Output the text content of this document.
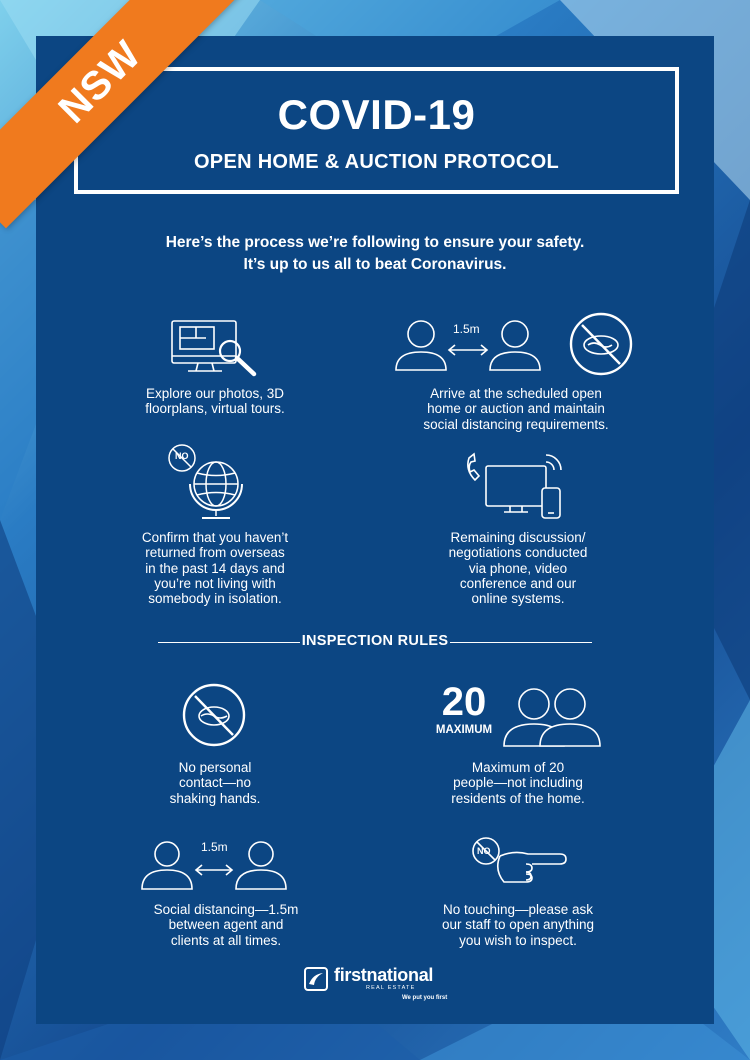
NSW	COVID-19
OPEN HOME & AUCTION PROTOCOL
Here’s the process we’re following to ensure your safety.
It’s up to us all to beat Coronavirus.
Explore our photos, 3D
floorplans, virtual tours.
1.5m
Arrive at the scheduled open
home or auction and maintain
social distancing requirements.
NO
Confirm that you haven’t
returned from overseas
in the past 14 days and
you’re not living with
somebody in isolation.
Remaining discussion/
negotiations conducted
via phone, video
conference and our
online systems.
INSPECTION RULES
No personal
contact—no
shaking hands.
20
MAXIMUM
Maximum of 20
people—not including
residents of the home.
1.5m
Social distancing—1.5m
between agent and
clients at all times.
NO
No touching—please ask
our staff to open anything
you wish to inspect.
firstnational
REAL ESTATE
We put you first
